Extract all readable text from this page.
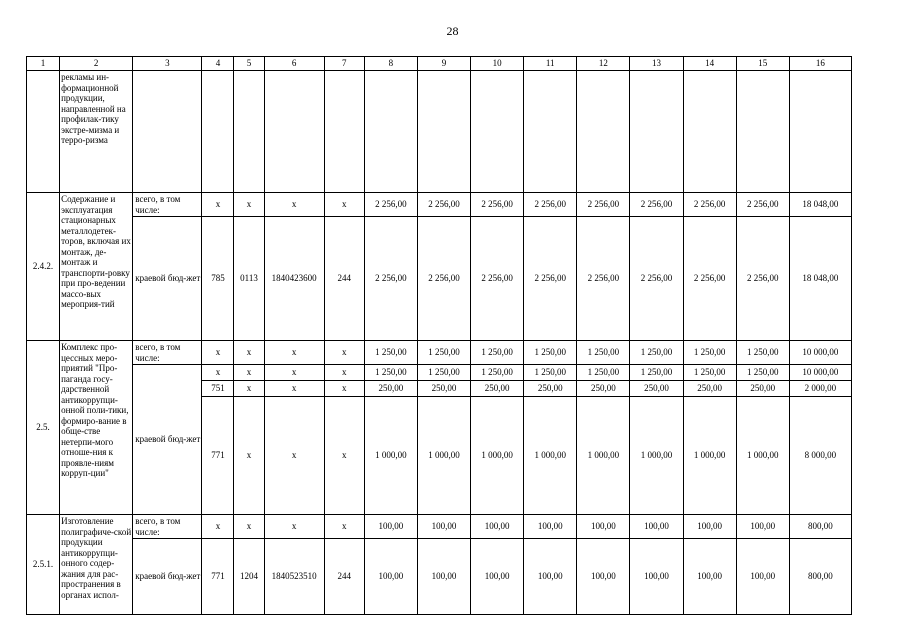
28
1	2	3	4	5	6	7	8	9	10	11	12	13	14	15	16
	рекламы ин-формационной продукции, направленной на профилак-тику экстре-мизма и терро-ризма														
2.4.2.	Содержание и эксплуатация стационарных металлодетек-торов, включая их монтаж, де-монтаж и транспорти-ровку при про-ведении массо-вых мероприя-тий	всего, в том числе:	x	x	x	x	2 256,00	2 256,00	2 256,00	2 256,00	2 256,00	2 256,00	2 256,00	2 256,00	18 048,00
		краевой бюд-жет	785	0113	1840423600	244	2 256,00	2 256,00	2 256,00	2 256,00	2 256,00	2 256,00	2 256,00	2 256,00	18 048,00
2.5.	Комплекс про-цессных меро-приятий "Про-паганда госу-дарственной антикоррупци-онной поли-тики, формиро-вание в обще-стве нетерпи-мого отноше-ния к проявле-ниям корруп-ции"	всего, в том числе:	x	x	x	x	1 250,00	1 250,00	1 250,00	1 250,00	1 250,00	1 250,00	1 250,00	1 250,00	10 000,00
		краевой бюд-жет	x	x	x	x	1 250,00	1 250,00	1 250,00	1 250,00	1 250,00	1 250,00	1 250,00	1 250,00	10 000,00
			751	x	x	x	250,00	250,00	250,00	250,00	250,00	250,00	250,00	250,00	2 000,00
			771	x	x	x	1 000,00	1 000,00	1 000,00	1 000,00	1 000,00	1 000,00	1 000,00	1 000,00	8 000,00
2.5.1.	Изготовление полиграфиче-ской продукции антикоррупци-онного содер-жания для рас-пространения в органах испол-	всего, в том числе:	x	x	x	x	100,00	100,00	100,00	100,00	100,00	100,00	100,00	100,00	800,00
		краевой бюд-жет	771	1204	1840523510	244	100,00	100,00	100,00	100,00	100,00	100,00	100,00	100,00	800,00
